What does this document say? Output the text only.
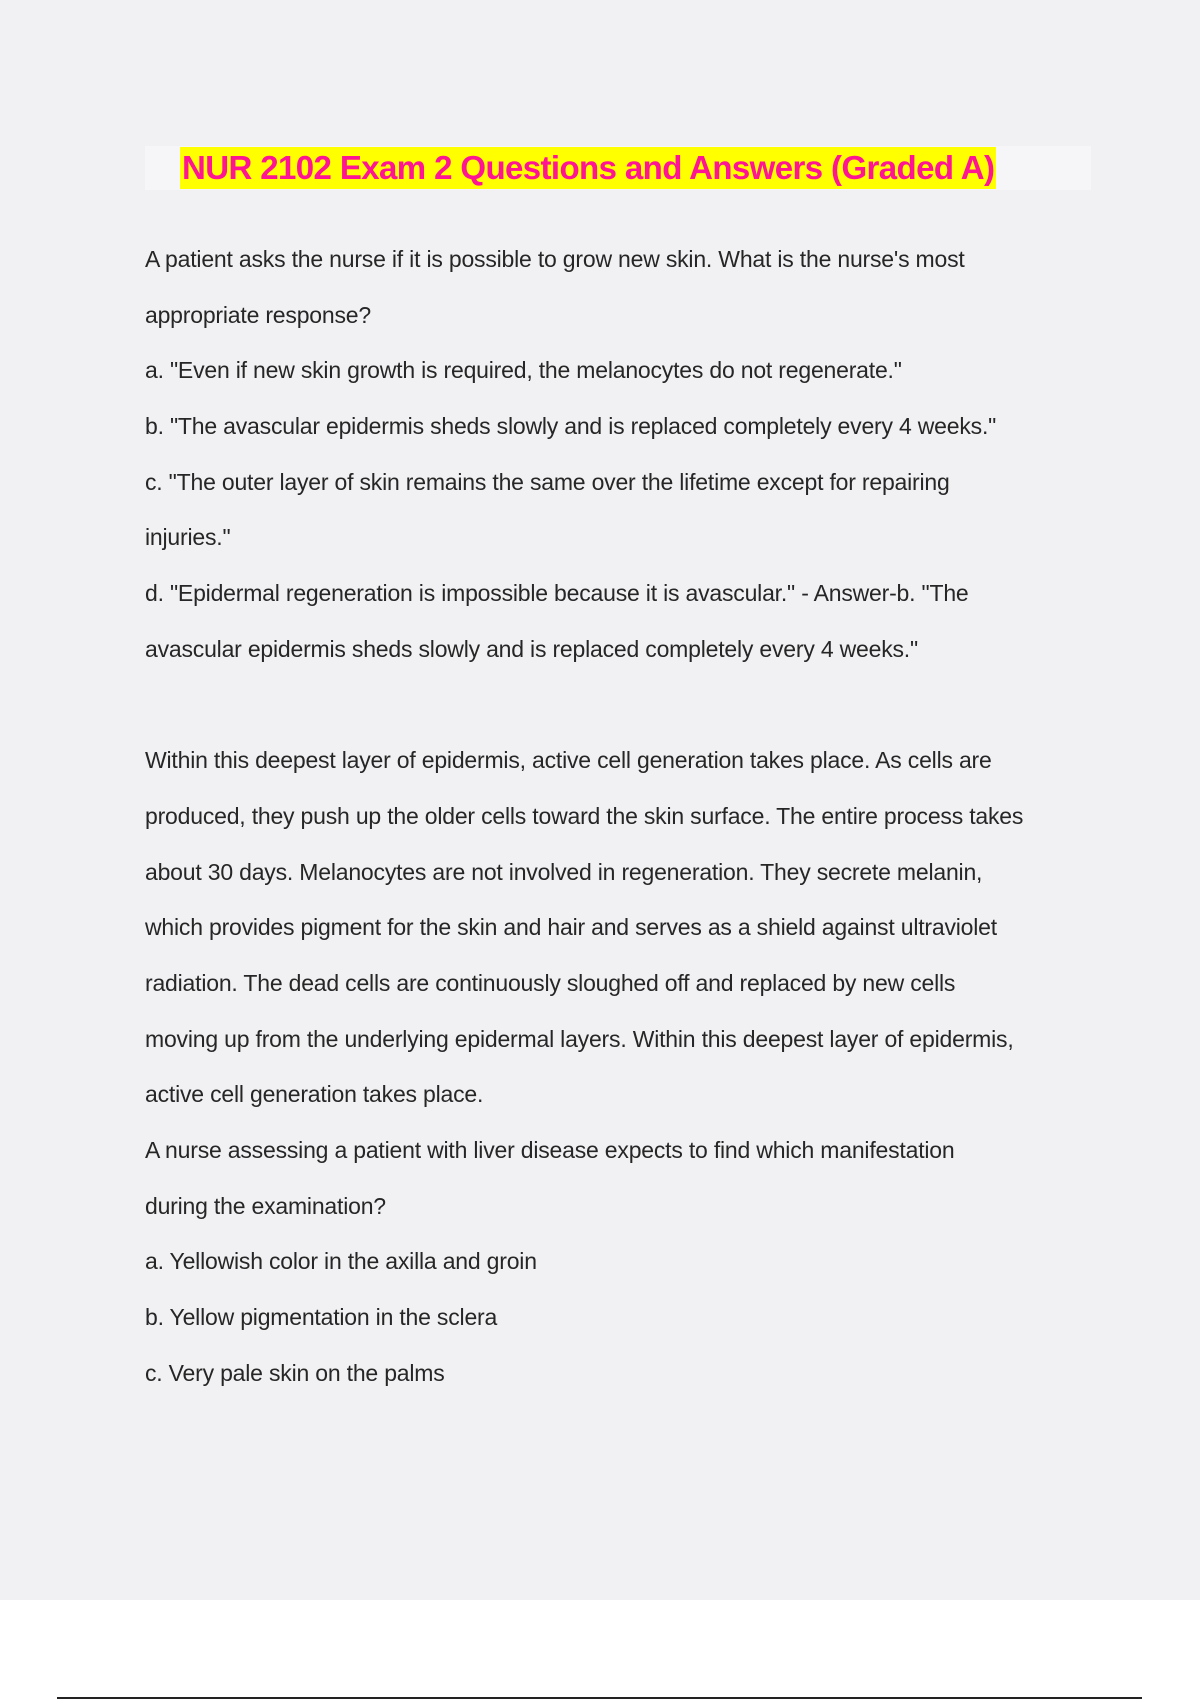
NUR 2102 Exam 2 Questions and Answers (Graded A)
A patient asks the nurse if it is possible to grow new skin. What is the nurse's most
appropriate response?
a. "Even if new skin growth is required, the melanocytes do not regenerate."
b. "The avascular epidermis sheds slowly and is replaced completely every 4 weeks."
c. "The outer layer of skin remains the same over the lifetime except for repairing
injuries."
d. "Epidermal regeneration is impossible because it is avascular." - Answer-b. "The
avascular epidermis sheds slowly and is replaced completely every 4 weeks."
Within this deepest layer of epidermis, active cell generation takes place. As cells are
produced, they push up the older cells toward the skin surface. The entire process takes
about 30 days. Melanocytes are not involved in regeneration. They secrete melanin,
which provides pigment for the skin and hair and serves as a shield against ultraviolet
radiation. The dead cells are continuously sloughed off and replaced by new cells
moving up from the underlying epidermal layers. Within this deepest layer of epidermis,
active cell generation takes place.
A nurse assessing a patient with liver disease expects to find which manifestation
during the examination?
a. Yellowish color in the axilla and groin
b. Yellow pigmentation in the sclera
c. Very pale skin on the palms
